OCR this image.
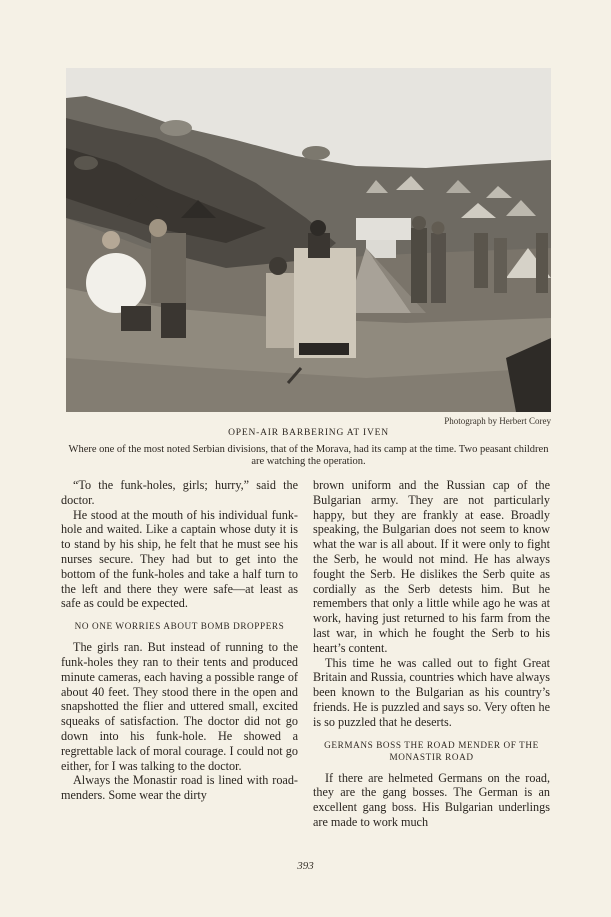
Photograph by Herbert Corey
OPEN-AIR BARBERING AT IVEN
Where one of the most noted Serbian divisions, that of the Morava, had its camp at the time. Two peasant children are watching the operation.

“To the funk-holes, girls; hurry,” said the doctor.

He stood at the mouth of his individual funk-hole and waited. Like a captain whose duty it is to stand by his ship, he felt that he must see his nurses secure. They had but to get into the bottom of the funk-holes and take a half turn to the left and there they were safe—at least as safe as could be expected.

NO ONE WORRIES ABOUT BOMB DROPPERS

The girls ran. But instead of running to the funk-holes they ran to their tents and produced minute cameras, each having a possible range of about 40 feet. They stood there in the open and snapshotted the flier and uttered small, excited squeaks of satisfaction. The doctor did not go down into his funk-hole. He showed a regrettable lack of moral courage. I could not go either, for I was talking to the doctor.

Always the Monastir road is lined with road-menders. Some wear the dirty

brown uniform and the Russian cap of the Bulgarian army. They are not particularly happy, but they are frankly at ease. Broadly speaking, the Bulgarian does not seem to know what the war is all about. If it were only to fight the Serb, he would not mind. He has always fought the Serb. He dislikes the Serb quite as cordially as the Serb detests him. But he remembers that only a little while ago he was at work, having just returned to his farm from the last war, in which he fought the Serb to his heart’s content.

This time he was called out to fight Great Britain and Russia, countries which have always been known to the Bulgarian as his country’s friends. He is puzzled and says so. Very often he is so puzzled that he deserts.

GERMANS BOSS THE ROAD MENDER OF THE MONASTIR ROAD

If there are helmeted Germans on the road, they are the gang bosses. The German is an excellent gang boss. His Bulgarian underlings are made to work much

393
